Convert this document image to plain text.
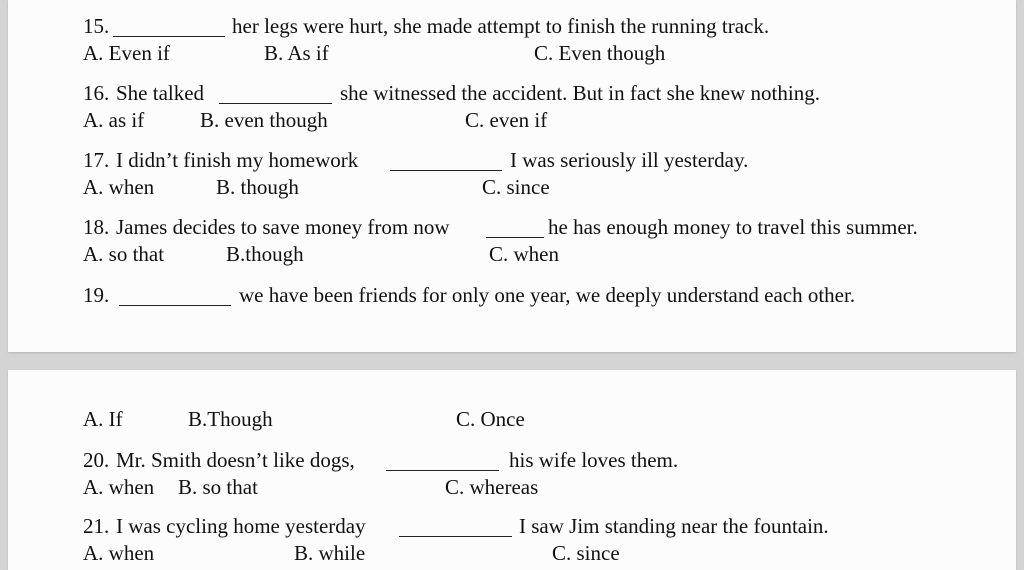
15.	her legs were hurt, she made attempt to finish the running track.
A. Even if	B. As if	C. Even though
16. She talked	she witnessed the accident. But in fact she knew nothing.
A. as if	B. even though	C. even if
17. I didn’t finish my homework	I was seriously ill yesterday.
A. when	B. though	C. since
18. James decides to save money from now	he has enough money to travel this summer.
A. so that	B.though	C. when
19.	we have been friends for only one year, we deeply understand each other.
A. If	B.Though	C. Once
20. Mr. Smith doesn’t like dogs,	his wife loves them.
A. when B. so that	C. whereas
21. I was cycling home yesterday	I saw Jim standing near the fountain.
A. when	B. while	C. since
